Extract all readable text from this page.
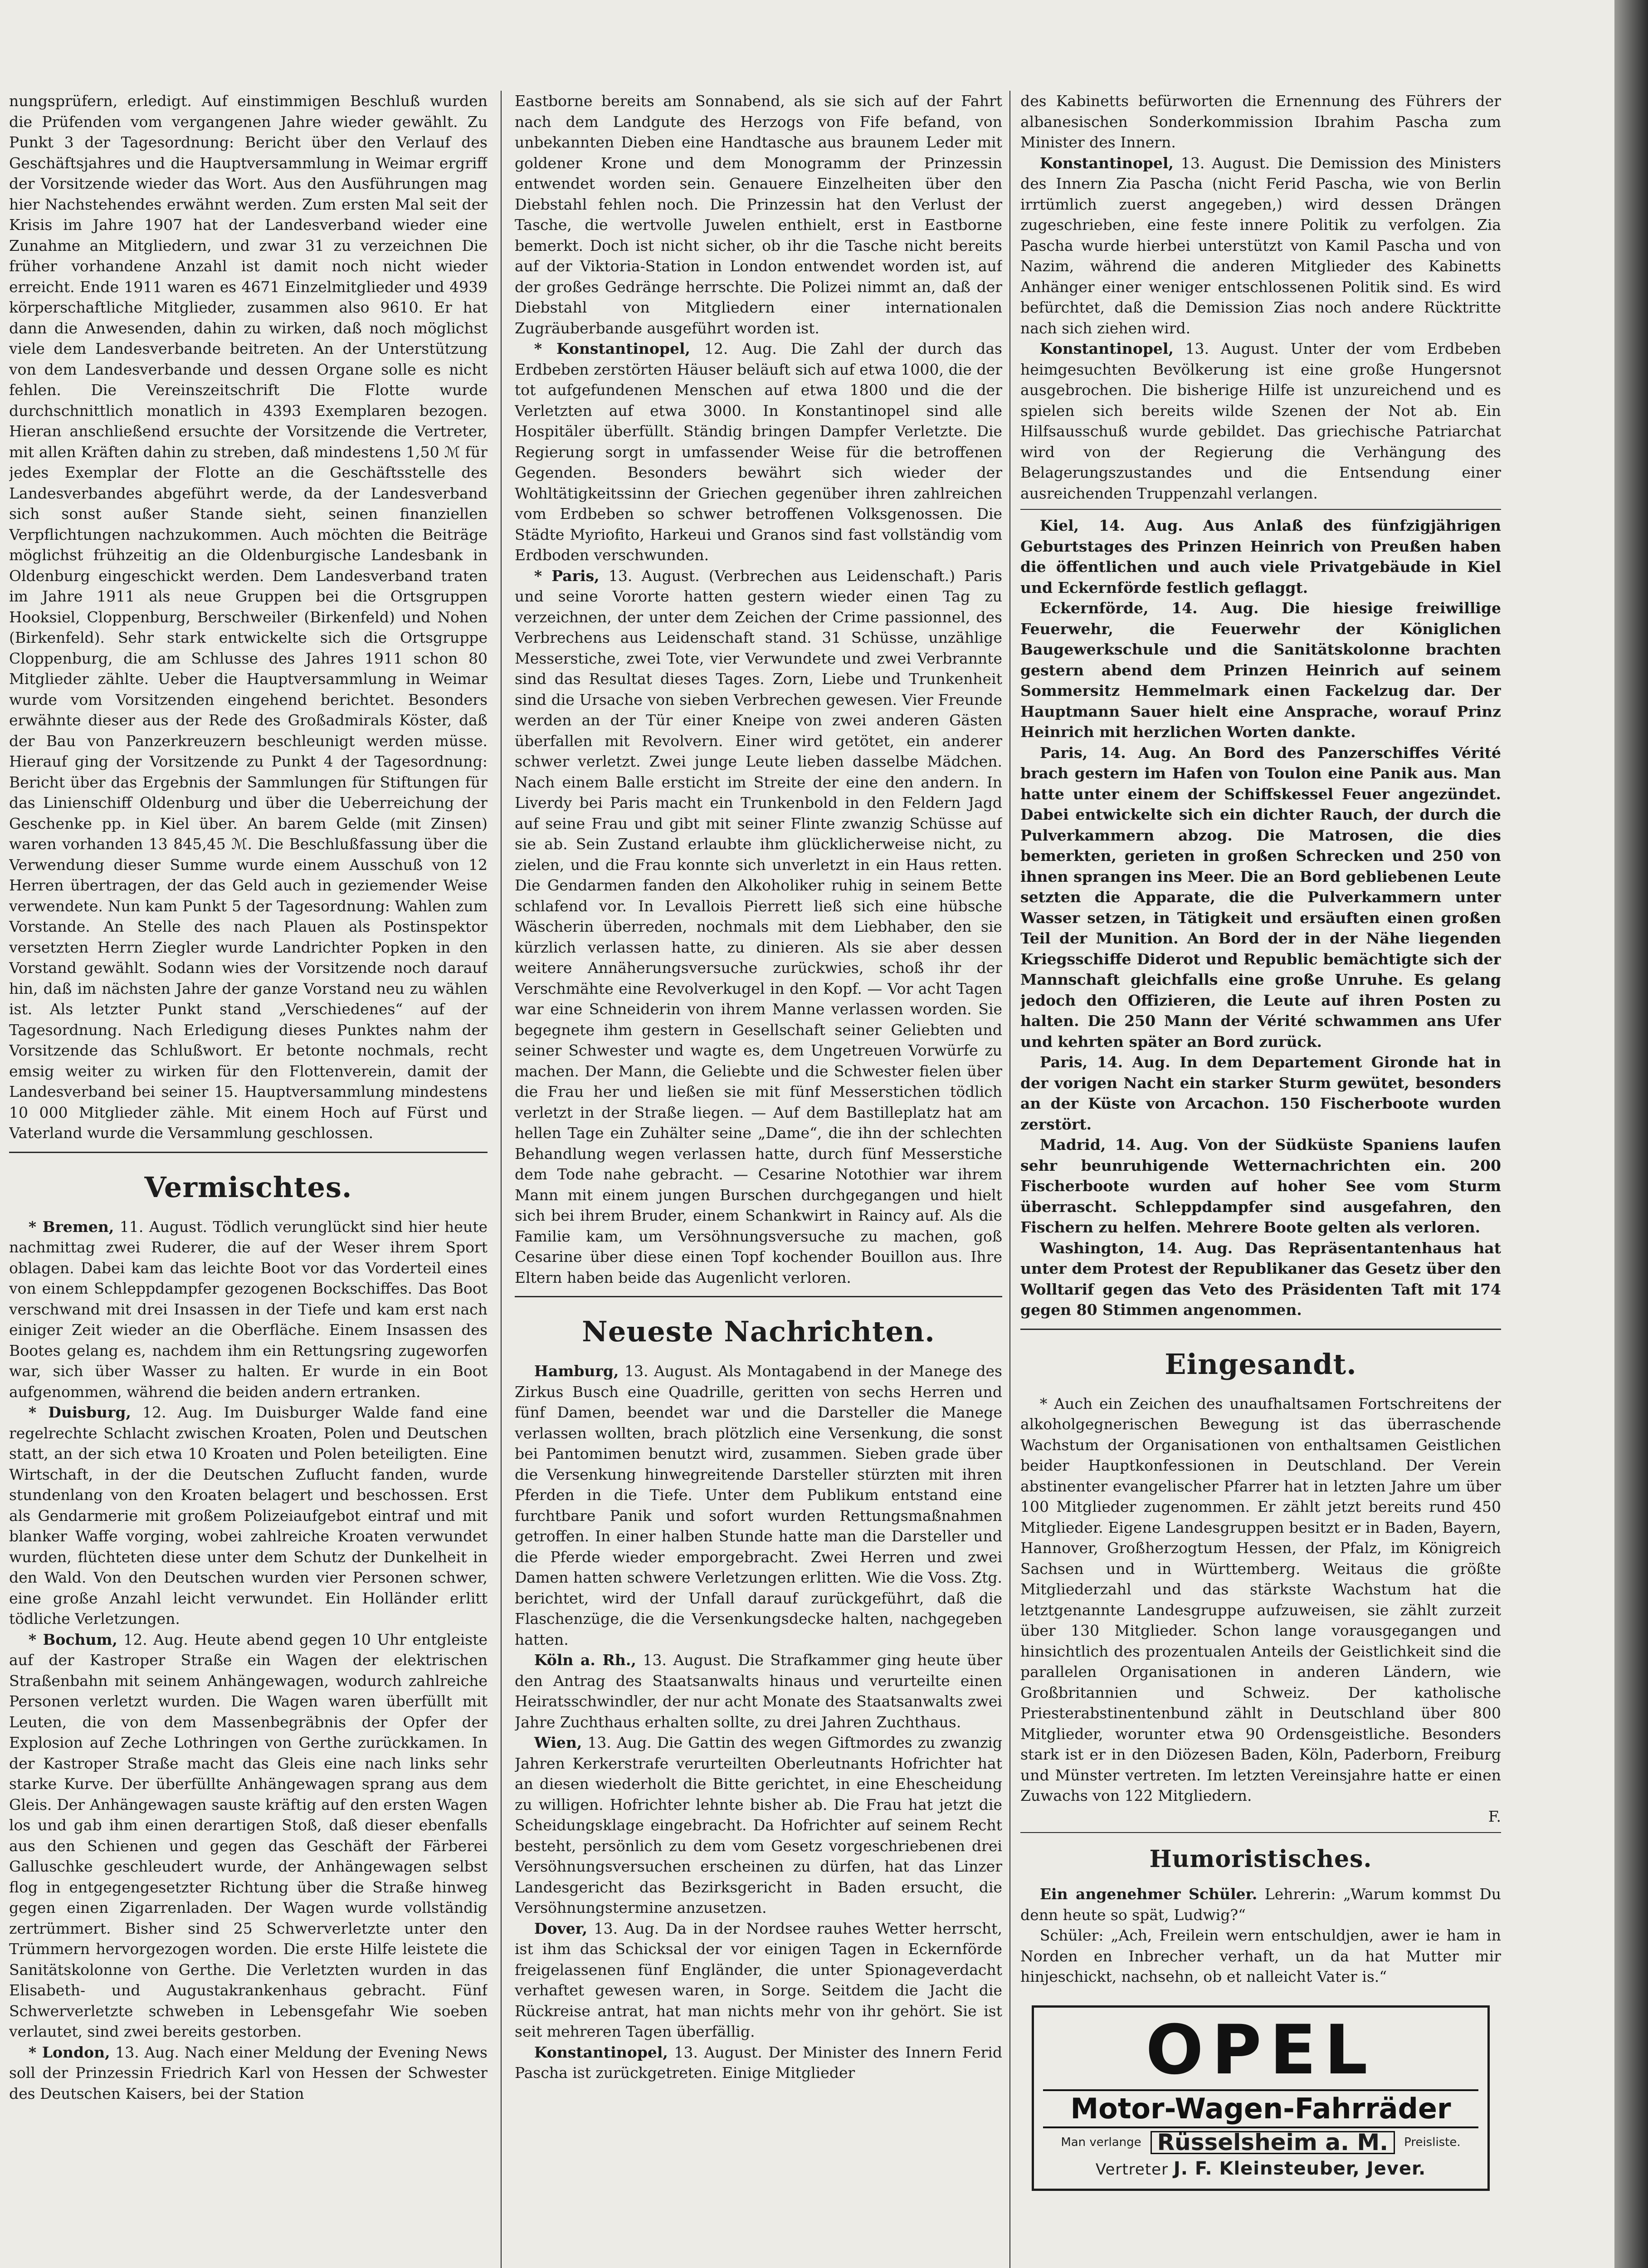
nungsprüfern, erledigt. Auf einstimmigen Beschluß wurden die Prüfenden vom vergangenen Jahre wieder gewählt. Zu Punkt 3 der Tagesordnung: Bericht über den Verlauf des Geschäftsjahres und die Hauptversammlung in Weimar ergriff der Vorsitzende wieder das Wort. Aus den Ausführungen mag hier Nachstehendes erwähnt werden. Zum ersten Mal seit der Krisis im Jahre 1907 hat der Landesverband wieder eine Zunahme an Mitgliedern, und zwar 31 zu verzeichnen Die früher vorhandene Anzahl ist damit noch nicht wieder erreicht. Ende 1911 waren es 4671 Einzelmitglieder und 4939 körperschaftliche Mitglieder, zusammen also 9610. Er hat dann die Anwesenden, dahin zu wirken, daß noch möglichst viele dem Landesverbande beitreten. An der Unterstützung von dem Landesverbande und dessen Organe solle es nicht fehlen. Die Vereinszeitschrift Die Flotte wurde durchschnittlich monatlich in 4393 Exemplaren bezogen. Hieran anschließend ersuchte der Vorsitzende die Vertreter, mit allen Kräften dahin zu streben, daß mindestens 1,50 ℳ für jedes Exemplar der Flotte an die Geschäftsstelle des Landesverbandes abgeführt werde, da der Landesverband sich sonst außer Stande sieht, seinen finanziellen Verpflichtungen nachzukommen. Auch möchten die Beiträge möglichst frühzeitig an die Oldenburgische Landesbank in Oldenburg eingeschickt werden. Dem Landesverband traten im Jahre 1911 als neue Gruppen bei die Ortsgruppen Hooksiel, Cloppenburg, Berschweiler (Birkenfeld) und Nohen (Birkenfeld). Sehr stark entwickelte sich die Ortsgruppe Cloppenburg, die am Schlusse des Jahres 1911 schon 80 Mitglieder zählte. Ueber die Hauptversammlung in Weimar wurde vom Vorsitzenden eingehend berichtet. Besonders erwähnte dieser aus der Rede des Großadmirals Köster, daß der Bau von Panzerkreuzern beschleunigt werden müsse. Hierauf ging der Vorsitzende zu Punkt 4 der Tagesordnung: Bericht über das Ergebnis der Sammlungen für Stiftungen für das Linienschiff Oldenburg und über die Ueberreichung der Geschenke pp. in Kiel über. An barem Gelde (mit Zinsen) waren vorhanden 13 845,45 ℳ. Die Beschlußfassung über die Verwendung dieser Summe wurde einem Ausschuß von 12 Herren übertragen, der das Geld auch in geziemender Weise verwendete. Nun kam Punkt 5 der Tagesordnung: Wahlen zum Vorstande. An Stelle des nach Plauen als Postinspektor versetzten Herrn Ziegler wurde Landrichter Popken in den Vorstand gewählt. Sodann wies der Vorsitzende noch darauf hin, daß im nächsten Jahre der ganze Vorstand neu zu wählen ist. Als letzter Punkt stand „Verschiedenes“ auf der Tagesordnung. Nach Erledigung dieses Punktes nahm der Vorsitzende das Schlußwort. Er betonte nochmals, recht emsig weiter zu wirken für den Flottenverein, damit der Landesverband bei seiner 15. Hauptversammlung mindestens 10 000 Mitglieder zähle. Mit einem Hoch auf Fürst und Vaterland wurde die Versammlung geschlossen.

Vermischtes.

* Bremen, 11. August. Tödlich verunglückt sind hier heute nachmittag zwei Ruderer, die auf der Weser ihrem Sport oblagen. Dabei kam das leichte Boot vor das Vorderteil eines von einem Schleppdampfer gezogenen Bockschiffes. Das Boot verschwand mit drei Insassen in der Tiefe und kam erst nach einiger Zeit wieder an die Oberfläche. Einem Insassen des Bootes gelang es, nachdem ihm ein Rettungsring zugeworfen war, sich über Wasser zu halten. Er wurde in ein Boot aufgenommen, während die beiden andern ertranken.

* Duisburg, 12. Aug. Im Duisburger Walde fand eine regelrechte Schlacht zwischen Kroaten, Polen und Deutschen statt, an der sich etwa 10 Kroaten und Polen beteiligten. Eine Wirtschaft, in der die Deutschen Zuflucht fanden, wurde stundenlang von den Kroaten belagert und beschossen. Erst als Gendarmerie mit großem Polizeiaufgebot eintraf und mit blanker Waffe vorging, wobei zahlreiche Kroaten verwundet wurden, flüchteten diese unter dem Schutz der Dunkelheit in den Wald. Von den Deutschen wurden vier Personen schwer, eine große Anzahl leicht verwundet. Ein Holländer erlitt tödliche Verletzungen.

* Bochum, 12. Aug. Heute abend gegen 10 Uhr entgleiste auf der Kastroper Straße ein Wagen der elektrischen Straßenbahn mit seinem Anhängewagen, wodurch zahlreiche Personen verletzt wurden. Die Wagen waren überfüllt mit Leuten, die von dem Massenbegräbnis der Opfer der Explosion auf Zeche Lothringen von Gerthe zurückkamen. In der Kastroper Straße macht das Gleis eine nach links sehr starke Kurve. Der überfüllte Anhängewagen sprang aus dem Gleis. Der Anhängewagen sauste kräftig auf den ersten Wagen los und gab ihm einen derartigen Stoß, daß dieser ebenfalls aus den Schienen und gegen das Geschäft der Färberei Galluschke geschleudert wurde, der Anhängewagen selbst flog in entgegengesetzter Richtung über die Straße hinweg gegen einen Zigarrenladen. Der Wagen wurde vollständig zertrümmert. Bisher sind 25 Schwerverletzte unter den Trümmern hervorgezogen worden. Die erste Hilfe leistete die Sanitätskolonne von Gerthe. Die Verletzten wurden in das Elisabeth- und Augustakrankenhaus gebracht. Fünf Schwerverletzte schweben in Lebensgefahr Wie soeben verlautet, sind zwei bereits gestorben.

* London, 13. Aug. Nach einer Meldung der Evening News soll der Prinzessin Friedrich Karl von Hessen der Schwester des Deutschen Kaisers, bei der Station

Eastborne bereits am Sonnabend, als sie sich auf der Fahrt nach dem Landgute des Herzogs von Fife befand, von unbekannten Dieben eine Handtasche aus braunem Leder mit goldener Krone und dem Monogramm der Prinzessin entwendet worden sein. Genauere Einzelheiten über den Diebstahl fehlen noch. Die Prinzessin hat den Verlust der Tasche, die wertvolle Juwelen enthielt, erst in Eastborne bemerkt. Doch ist nicht sicher, ob ihr die Tasche nicht bereits auf der Viktoria-Station in London entwendet worden ist, auf der großes Gedränge herrschte. Die Polizei nimmt an, daß der Diebstahl von Mitgliedern einer internationalen Zugräuberbande ausgeführt worden ist.

* Konstantinopel, 12. Aug. Die Zahl der durch das Erdbeben zerstörten Häuser beläuft sich auf etwa 1000, die der tot aufgefundenen Menschen auf etwa 1800 und die der Verletzten auf etwa 3000. In Konstantinopel sind alle Hospitäler überfüllt. Ständig bringen Dampfer Verletzte. Die Regierung sorgt in umfassender Weise für die betroffenen Gegenden. Besonders bewährt sich wieder der Wohltätigkeitssinn der Griechen gegenüber ihren zahlreichen vom Erdbeben so schwer betroffenen Volksgenossen. Die Städte Myriofito, Harkeui und Granos sind fast vollständig vom Erdboden verschwunden.

* Paris, 13. August. (Verbrechen aus Leidenschaft.) Paris und seine Vororte hatten gestern wieder einen Tag zu verzeichnen, der unter dem Zeichen der Crime passionnel, des Verbrechens aus Leidenschaft stand. 31 Schüsse, unzählige Messerstiche, zwei Tote, vier Verwundete und zwei Verbrannte sind das Resultat dieses Tages. Zorn, Liebe und Trunkenheit sind die Ursache von sieben Verbrechen gewesen. Vier Freunde werden an der Tür einer Kneipe von zwei anderen Gästen überfallen mit Revolvern. Einer wird getötet, ein anderer schwer verletzt. Zwei junge Leute lieben dasselbe Mädchen. Nach einem Balle ersticht im Streite der eine den andern. In Liverdy bei Paris macht ein Trunkenbold in den Feldern Jagd auf seine Frau und gibt mit seiner Flinte zwanzig Schüsse auf sie ab. Sein Zustand erlaubte ihm glücklicherweise nicht, zu zielen, und die Frau konnte sich unverletzt in ein Haus retten. Die Gendarmen fanden den Alkoholiker ruhig in seinem Bette schlafend vor. In Levallois Pierrett ließ sich eine hübsche Wäscherin überreden, nochmals mit dem Liebhaber, den sie kürzlich verlassen hatte, zu dinieren. Als sie aber dessen weitere Annäherungsversuche zurückwies, schoß ihr der Verschmähte eine Revolverkugel in den Kopf. — Vor acht Tagen war eine Schneiderin von ihrem Manne verlassen worden. Sie begegnete ihm gestern in Gesellschaft seiner Geliebten und seiner Schwester und wagte es, dem Ungetreuen Vorwürfe zu machen. Der Mann, die Geliebte und die Schwester fielen über die Frau her und ließen sie mit fünf Messerstichen tödlich verletzt in der Straße liegen. — Auf dem Bastilleplatz hat am hellen Tage ein Zuhälter seine „Dame“, die ihn der schlechten Behandlung wegen verlassen hatte, durch fünf Messerstiche dem Tode nahe gebracht. — Cesarine Notothier war ihrem Mann mit einem jungen Burschen durchgegangen und hielt sich bei ihrem Bruder, einem Schankwirt in Raincy auf. Als die Familie kam, um Versöhnungsversuche zu machen, goß Cesarine über diese einen Topf kochender Bouillon aus. Ihre Eltern haben beide das Augenlicht verloren.

Neueste Nachrichten.

Hamburg, 13. August. Als Montagabend in der Manege des Zirkus Busch eine Quadrille, geritten von sechs Herren und fünf Damen, beendet war und die Darsteller die Manege verlassen wollten, brach plötzlich eine Versenkung, die sonst bei Pantomimen benutzt wird, zusammen. Sieben grade über die Versenkung hinwegreitende Darsteller stürzten mit ihren Pferden in die Tiefe. Unter dem Publikum entstand eine furchtbare Panik und sofort wurden Rettungsmaßnahmen getroffen. In einer halben Stunde hatte man die Darsteller und die Pferde wieder emporgebracht. Zwei Herren und zwei Damen hatten schwere Verletzungen erlitten. Wie die Voss. Ztg. berichtet, wird der Unfall darauf zurückgeführt, daß die Flaschenzüge, die die Versenkungsdecke halten, nachgegeben hatten.

Köln a. Rh., 13. August. Die Strafkammer ging heute über den Antrag des Staatsanwalts hinaus und verurteilte einen Heiratsschwindler, der nur acht Monate des Staatsanwalts zwei Jahre Zuchthaus erhalten sollte, zu drei Jahren Zuchthaus.

Wien, 13. Aug. Die Gattin des wegen Giftmordes zu zwanzig Jahren Kerkerstrafe verurteilten Oberleutnants Hofrichter hat an diesen wiederholt die Bitte gerichtet, in eine Ehescheidung zu willigen. Hofrichter lehnte bisher ab. Die Frau hat jetzt die Scheidungsklage eingebracht. Da Hofrichter auf seinem Recht besteht, persönlich zu dem vom Gesetz vorgeschriebenen drei Versöhnungsversuchen erscheinen zu dürfen, hat das Linzer Landesgericht das Bezirksgericht in Baden ersucht, die Versöhnungstermine anzusetzen.

Dover, 13. Aug. Da in der Nordsee rauhes Wetter herrscht, ist ihm das Schicksal der vor einigen Tagen in Eckernförde freigelassenen fünf Engländer, die unter Spionageverdacht verhaftet gewesen waren, in Sorge. Seitdem die Jacht die Rückreise antrat, hat man nichts mehr von ihr gehört. Sie ist seit mehreren Tagen überfällig.

Konstantinopel, 13. August. Der Minister des Innern Ferid Pascha ist zurückgetreten. Einige Mitglieder

des Kabinetts befürworten die Ernennung des Führers der albanesischen Sonderkommission Ibrahim Pascha zum Minister des Innern.

Konstantinopel, 13. August. Die Demission des Ministers des Innern Zia Pascha (nicht Ferid Pascha, wie von Berlin irrtümlich zuerst angegeben,) wird dessen Drängen zugeschrieben, eine feste innere Politik zu verfolgen. Zia Pascha wurde hierbei unterstützt von Kamil Pascha und von Nazim, während die anderen Mitglieder des Kabinetts Anhänger einer weniger entschlossenen Politik sind. Es wird befürchtet, daß die Demission Zias noch andere Rücktritte nach sich ziehen wird.

Konstantinopel, 13. August. Unter der vom Erdbeben heimgesuchten Bevölkerung ist eine große Hungersnot ausgebrochen. Die bisherige Hilfe ist unzureichend und es spielen sich bereits wilde Szenen der Not ab. Ein Hilfsausschuß wurde gebildet. Das griechische Patriarchat wird von der Regierung die Verhängung des Belagerungszustandes und die Entsendung einer ausreichenden Truppenzahl verlangen.

Kiel, 14. Aug. Aus Anlaß des fünfzigjährigen Geburtstages des Prinzen Heinrich von Preußen haben die öffentlichen und auch viele Privatgebäude in Kiel und Eckernförde festlich geflaggt.

Eckernförde, 14. Aug. Die hiesige freiwillige Feuerwehr, die Feuerwehr der Königlichen Baugewerkschule und die Sanitätskolonne brachten gestern abend dem Prinzen Heinrich auf seinem Sommersitz Hemmelmark einen Fackelzug dar. Der Hauptmann Sauer hielt eine Ansprache, worauf Prinz Heinrich mit herzlichen Worten dankte.

Paris, 14. Aug. An Bord des Panzerschiffes Vérité brach gestern im Hafen von Toulon eine Panik aus. Man hatte unter einem der Schiffskessel Feuer angezündet. Dabei entwickelte sich ein dichter Rauch, der durch die Pulverkammern abzog. Die Matrosen, die dies bemerkten, gerieten in großen Schrecken und 250 von ihnen sprangen ins Meer. Die an Bord gebliebenen Leute setzten die Apparate, die die Pulverkammern unter Wasser setzen, in Tätigkeit und ersäuften einen großen Teil der Munition. An Bord der in der Nähe liegenden Kriegsschiffe Diderot und Republic bemächtigte sich der Mannschaft gleichfalls eine große Unruhe. Es gelang jedoch den Offizieren, die Leute auf ihren Posten zu halten. Die 250 Mann der Vérité schwammen ans Ufer und kehrten später an Bord zurück.

Paris, 14. Aug. In dem Departement Gironde hat in der vorigen Nacht ein starker Sturm gewütet, besonders an der Küste von Arcachon. 150 Fischerboote wurden zerstört.

Madrid, 14. Aug. Von der Südküste Spaniens laufen sehr beunruhigende Wetternachrichten ein. 200 Fischerboote wurden auf hoher See vom Sturm überrascht. Schleppdampfer sind ausgefahren, den Fischern zu helfen. Mehrere Boote gelten als verloren.

Washington, 14. Aug. Das Repräsentantenhaus hat unter dem Protest der Republikaner das Gesetz über den Wolltarif gegen das Veto des Präsidenten Taft mit 174 gegen 80 Stimmen angenommen.

Eingesandt.

* Auch ein Zeichen des unaufhaltsamen Fortschreitens der alkoholgegnerischen Bewegung ist das überraschende Wachstum der Organisationen von enthaltsamen Geistlichen beider Hauptkonfessionen in Deutschland. Der Verein abstinenter evangelischer Pfarrer hat in letzten Jahre um über 100 Mitglieder zugenommen. Er zählt jetzt bereits rund 450 Mitglieder. Eigene Landesgruppen besitzt er in Baden, Bayern, Hannover, Großherzogtum Hessen, der Pfalz, im Königreich Sachsen und in Württemberg. Weitaus die größte Mitgliederzahl und das stärkste Wachstum hat die letztgenannte Landesgruppe aufzuweisen, sie zählt zurzeit über 130 Mitglieder. Schon lange vorausgegangen und hinsichtlich des prozentualen Anteils der Geistlichkeit sind die parallelen Organisationen in anderen Ländern, wie Großbritannien und Schweiz. Der katholische Priesterabstinentenbund zählt in Deutschland über 800 Mitglieder, worunter etwa 90 Ordensgeistliche. Besonders stark ist er in den Diözesen Baden, Köln, Paderborn, Freiburg und Münster vertreten. Im letzten Vereinsjahre hatte er einen Zuwachs von 122 Mitgliedern.

F.
Humoristisches.

Ein angenehmer Schüler. Lehrerin: „Warum kommst Du denn heute so spät, Ludwig?“

Schüler: „Ach, Freilein wern entschuldjen, awer ie ham in Norden en Inbrecher verhaft, un da hat Mutter mir hinjeschickt, nachsehn, ob et nalleicht Vater is.“

OPEL
Motor-Wagen-Fahrräder
Man verlange Rüsselsheim a. M.	Preisliste.
Vertreter J. F. Kleinsteuber, Jever.
